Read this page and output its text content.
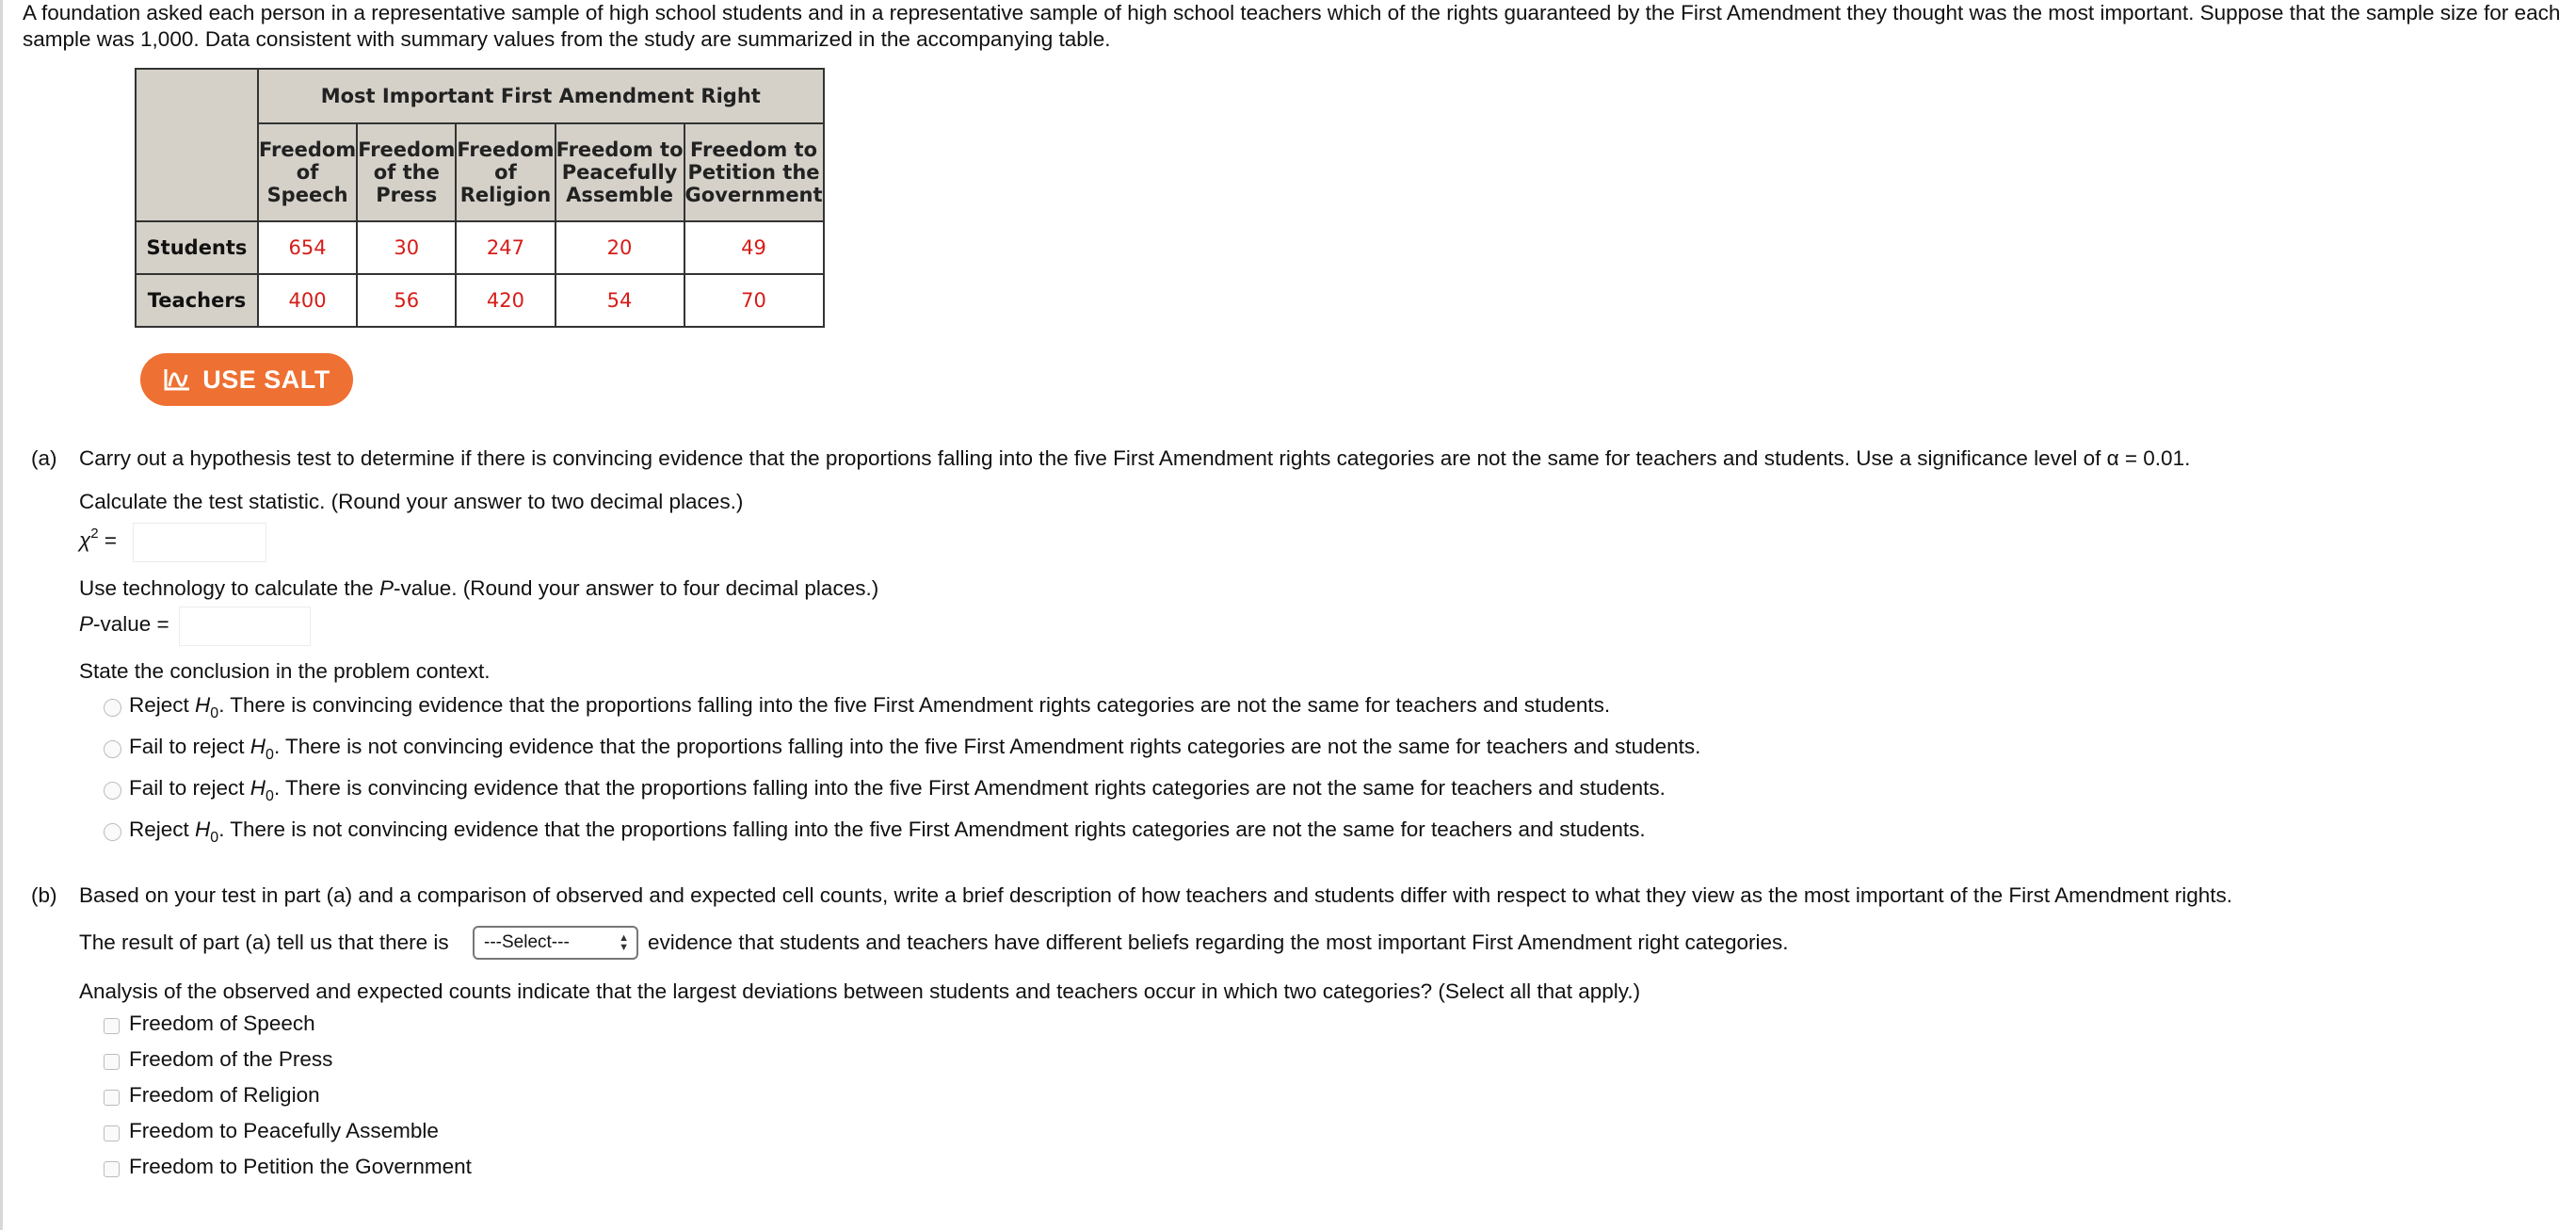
A foundation asked each person in a representative sample of high school students and in a representative sample of high school teachers which of the rights guaranteed by the First Amendment they thought was the most important. Suppose that the sample size for each sample was 1,000. Data consistent with summary values from the study are summarized in the accompanying table.
	Most Important First Amendment Right				
	Freedom
of
Speech	Freedom
of the
Press	Freedom
of
Religion	Freedom to
Peacefully
Assemble	Freedom to
Petition the
Government
Students	654	30	247	20	49
Teachers	400	56	420	54	70
USE SALT
(a) Carry out a hypothesis test to determine if there is convincing evidence that the proportions falling into the five First Amendment rights categories are not the same for teachers and students. Use a significance level of α = 0.01.
Calculate the test statistic. (Round your answer to two decimal places.)
$\chi^2$ =
Use technology to calculate the P-value. (Round your answer to four decimal places.)
P-value =
State the conclusion in the problem context.
Reject $H_0$. There is convincing evidence that the proportions falling into the five First Amendment rights categories are not the same for teachers and students.
Fail to reject $H_0$. There is not convincing evidence that the proportions falling into the five First Amendment rights categories are not the same for teachers and students.
Fail to reject $H_0$. There is convincing evidence that the proportions falling into the five First Amendment rights categories are not the same for teachers and students.
Reject $H_0$. There is not convincing evidence that the proportions falling into the five First Amendment rights categories are not the same for teachers and students.
(b) Based on your test in part (a) and a comparison of observed and expected cell counts, write a brief description of how teachers and students differ with respect to what they view as the most important of the First Amendment rights.
The result of part (a) tell us that there is ---Select---	▲
▼ evidence that students and teachers have different beliefs regarding the most important First Amendment right categories.
Analysis of the observed and expected counts indicate that the largest deviations between students and teachers occur in which two categories? (Select all that apply.)
Freedom of Speech
Freedom of the Press
Freedom of Religion
Freedom to Peacefully Assemble
Freedom to Petition the Government
